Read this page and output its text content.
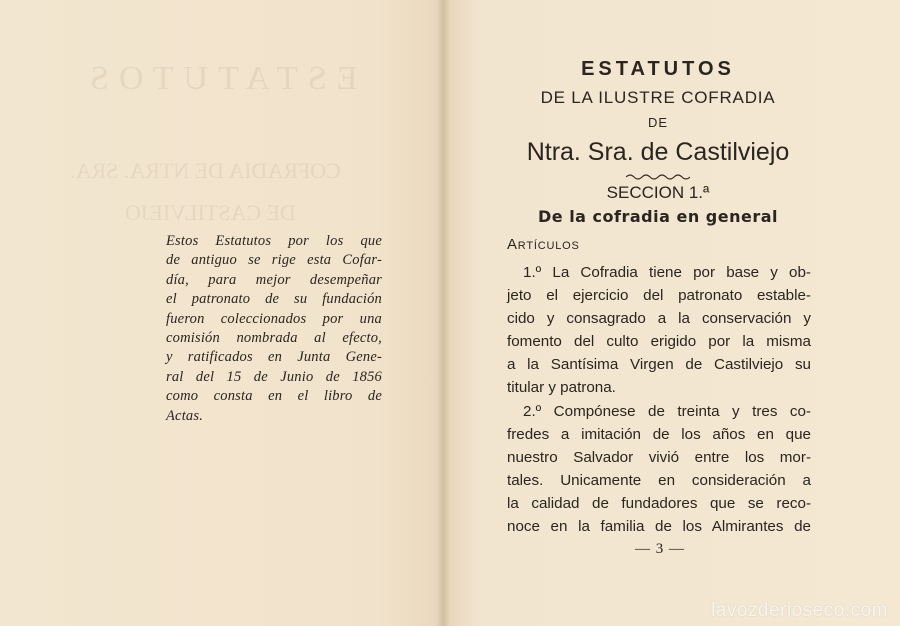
ESTATUTOS
COFRADIA DE NTRA. SRA.
DE CASTILVIEJO
Estos Estatutos por los que
de antiguo se rige esta Cofar-
día, para mejor desempeñar
el patronato de su fundación
fueron coleccionados por una
comisión nombrada al efecto,
y ratificados en Junta Gene-
ral del 15 de Junio de 1856
como consta en el libro de
Actas.
ESTATUTOS
DE LA ILUSTRE COFRADIA
DE
Ntra. Sra. de Castilviejo
SECCION 1.ª
De la cofradia en general
Artículos
1.º La Cofradia tiene por base y ob-
jeto el ejercicio del patronato estable-
cido y consagrado a la conservación y
fomento del culto erigido por la misma
a la Santísima Virgen de Castilviejo su
titular y patrona.
2.º Compónese de treinta y tres co-
fredes a imitación de los años en que
nuestro Salvador vivió entre los mor-
tales. Unicamente en consideración a
la calidad de fundadores que se reco-
noce en la familia de los Almirantes de
— 3 —
lavozderioseco.com
